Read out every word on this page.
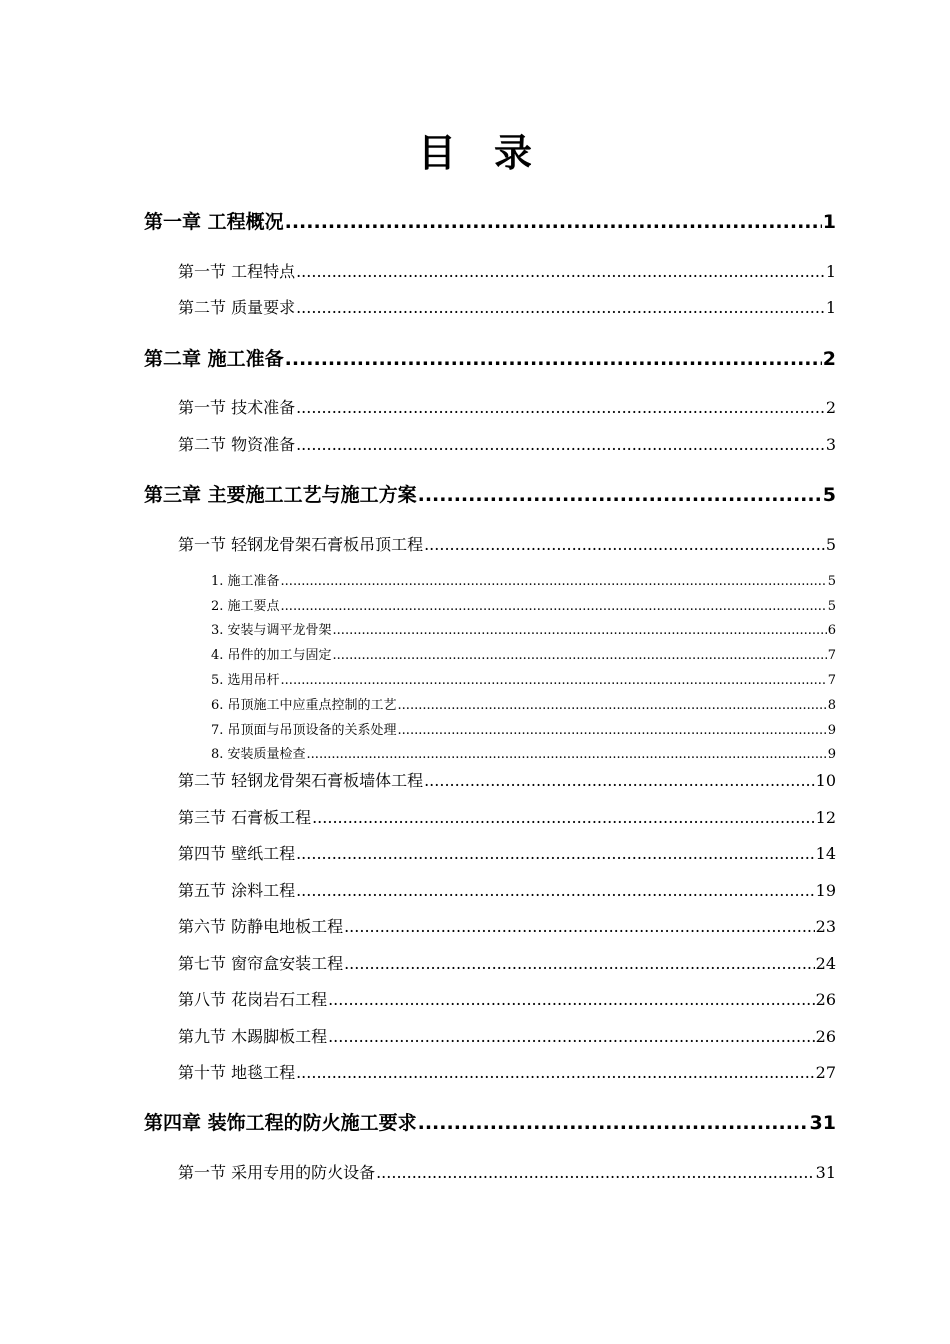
目　录
第一章 工程概况 .....	1
第一节 工程特点 .....	1
第二节 质量要求 .....	1
第二章 施工准备 .....	2
第一节 技术准备 .....	2
第二节 物资准备 .....	3
第三章 主要施工工艺与施工方案 .....	5
第一节 轻钢龙骨架石膏板吊顶工程 .....	5
1. 施工准备 .....	5
2. 施工要点 .....	5
3. 安装与调平龙骨架 .....	6
4. 吊件的加工与固定 .....	7
5. 选用吊杆 .....	7
6. 吊顶施工中应重点控制的工艺 .....	8
7. 吊顶面与吊顶设备的关系处理 .....	9
8. 安装质量检查 .....	9
第二节 轻钢龙骨架石膏板墙体工程 .....	10
第三节 石膏板工程 .....	12
第四节 壁纸工程 .....	14
第五节 涂料工程 .....	19
第六节 防静电地板工程 .....	23
第七节 窗帘盒安装工程 .....	24
第八节 花岗岩石工程 .....	26
第九节 木踢脚板工程 .....	26
第十节 地毯工程 .....	27
第四章 装饰工程的防火施工要求 .....	31
第一节 采用专用的防火设备 .....	31
